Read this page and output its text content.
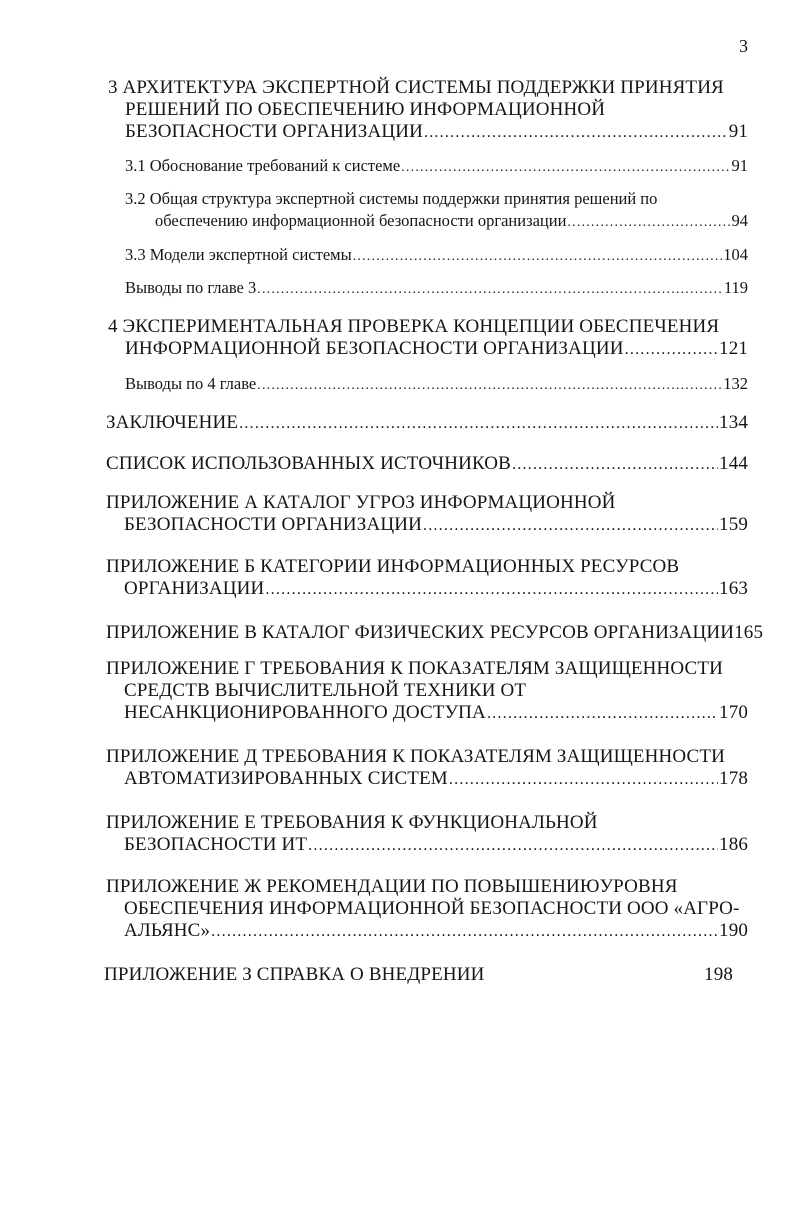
3
3 АРХИТЕКТУРА ЭКСПЕРТНОЙ СИСТЕМЫ ПОДДЕРЖКИ ПРИНЯТИЯ
РЕШЕНИЙ ПО ОБЕСПЕЧЕНИЮ ИНФОРМАЦИОННОЙ
БЕЗОПАСНОСТИ ОРГАНИЗАЦИИ .....	91
3.1 Обоснование требований к системе .....	91
3.2 Общая структура экспертной системы поддержки принятия решений по
обеспечению информационной безопасности организации .....	94
3.3 Модели экспертной системы .....	104
Выводы по главе 3 .....	119
4 ЭКСПЕРИМЕНТАЛЬНАЯ ПРОВЕРКА КОНЦЕПЦИИ ОБЕСПЕЧЕНИЯ
ИНФОРМАЦИОННОЙ БЕЗОПАСНОСТИ ОРГАНИЗАЦИИ .....	121
Выводы по 4 главе .....	132
ЗАКЛЮЧЕНИЕ .....	134
СПИСОК ИСПОЛЬЗОВАННЫХ ИСТОЧНИКОВ .....	144
ПРИЛОЖЕНИЕ А КАТАЛОГ УГРОЗ ИНФОРМАЦИОННОЙ
БЕЗОПАСНОСТИ ОРГАНИЗАЦИИ .....	159
ПРИЛОЖЕНИЕ Б КАТЕГОРИИ ИНФОРМАЦИОННЫХ РЕСУРСОВ
ОРГАНИЗАЦИИ .....	163
ПРИЛОЖЕНИЕ В КАТАЛОГ ФИЗИЧЕСКИХ РЕСУРСОВ ОРГАНИЗАЦИИ 165
ПРИЛОЖЕНИЕ Г ТРЕБОВАНИЯ К ПОКАЗАТЕЛЯМ ЗАЩИЩЕННОСТИ
СРЕДСТВ ВЫЧИСЛИТЕЛЬНОЙ ТЕХНИКИ ОТ
НЕСАНКЦИОНИРОВАННОГО ДОСТУПА .....	170
ПРИЛОЖЕНИЕ Д ТРЕБОВАНИЯ К ПОКАЗАТЕЛЯМ ЗАЩИЩЕННОСТИ
АВТОМАТИЗИРОВАННЫХ СИСТЕМ .....	178
ПРИЛОЖЕНИЕ Е ТРЕБОВАНИЯ К ФУНКЦИОНАЛЬНОЙ
БЕЗОПАСНОСТИ ИТ .....	186
ПРИЛОЖЕНИЕ Ж РЕКОМЕНДАЦИИ ПО ПОВЫШЕНИЮУРОВНЯ
ОБЕСПЕЧЕНИЯ ИНФОРМАЦИОННОЙ БЕЗОПАСНОСТИ ООО «АГРО-
АЛЬЯНС» .....	190
ПРИЛОЖЕНИЕ З СПРАВКА О ВНЕДРЕНИИ	198
